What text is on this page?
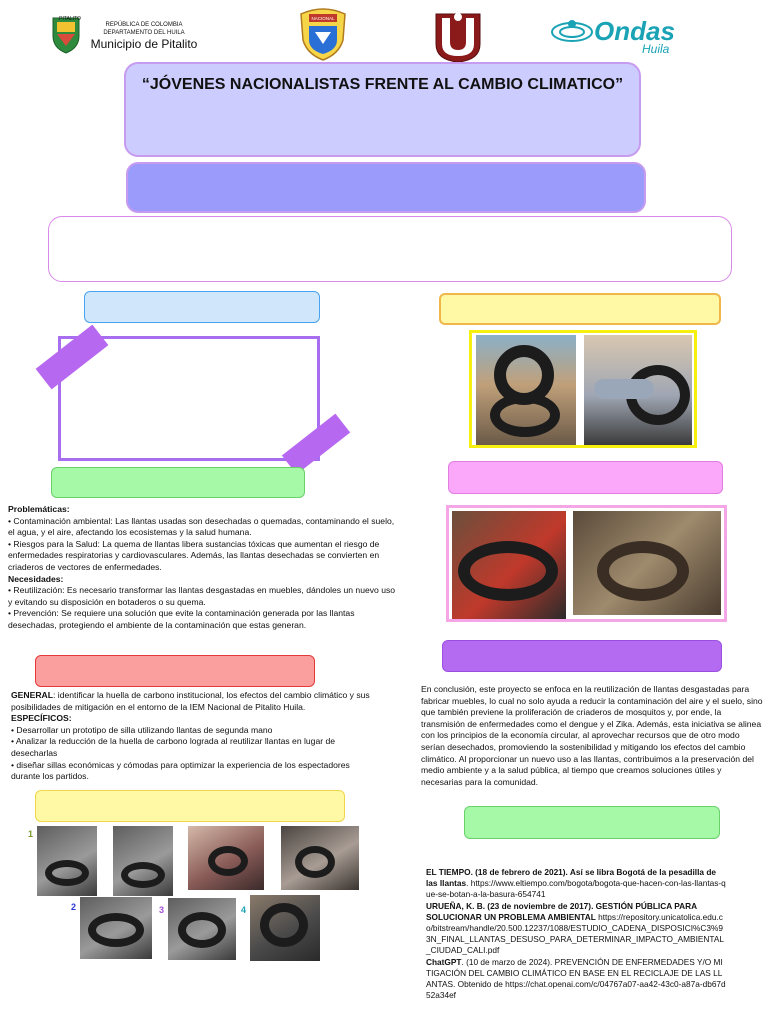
PITALITO
REPÚBLICA DE COLOMBIA
DEPARTAMENTO DEL HUILA
Municipio de Pitalito
NACIONAL	Ondas
Huila
“JÓVENES NACIONALISTAS FRENTE AL CAMBIO CLIMATICO”
Problemáticas:
• Contaminación ambiental: Las llantas usadas son desechadas o quemadas, contaminando el suelo, el agua, y el aire, afectando los ecosistemas y la salud humana.
• Riesgos para la Salud: La quema de llantas libera sustancias tóxicas que aumentan el riesgo de enfermedades respiratorias y cardiovasculares. Además, las llantas desechadas se convierten en criaderos de vectores de enfermedades.
Necesidades:
• Reutilización: Es necesario transformar las llantas desgastadas en muebles, dándoles un nuevo uso y evitando su disposición en botaderos o su quema.
• Prevención: Se requiere una solución que evite la contaminación generada por las llantas desechadas, protegiendo el ambiente de la contaminación que estas generan.
GENERAL: identificar la huella de carbono institucional, los efectos del cambio climático y sus posibilidades de mitigación en el entorno de la IEM Nacional de Pitalito Huila.
ESPECÍFICOS:
• Desarrollar un prototipo de silla utilizando llantas de segunda mano
• Analizar la reducción de la huella de carbono lograda al reutilizar llantas en lugar de desecharlas
• diseñar sillas económicas y cómodas para optimizar la experiencia de los espectadores durante los partidos.
En conclusión, este proyecto se enfoca en la reutilización de llantas desgastadas para fabricar muebles, lo cual no solo ayuda a reducir la contaminación del aire y el suelo, sino que también previene la proliferación de criaderos de mosquitos y, por ende, la transmisión de enfermedades como el dengue y el Zika. Además, esta iniciativa se alinea con los principios de la economía circular, al aprovechar recursos que de otro modo serían desechados, promoviendo la sostenibilidad y mitigando los efectos del cambio climático. Al proporcionar un nuevo uso a las llantas, contribuimos a la preservación del medio ambiente y a la salud pública, al tiempo que creamos soluciones útiles y necesarias para la comunidad.
1
2	3	4
EL TIEMPO. (18 de febrero de 2021). Así se libra Bogotá de la pesadilla de las llantas. https://www.eltiempo.com/bogota/bogota-que-hacen-con-las-llantas-que-se-botan-a-la-basura-654741
URUEÑA, K. B. (23 de noviembre de 2017). GESTIÓN PÚBLICA PARA SOLUCIONAR UN PROBLEMA AMBIENTAL https://repository.unicatolica.edu.co/bitstream/handle/20.500.12237/1088/ESTUDIO_CADENA_DISPOSICI%C3%93N_FINAL_LLANTAS_DESUSO_PARA_DETERMINAR_IMPACTO_AMBIENTAL_CIUDAD_CALI.pdf
ChatGPT. (10 de marzo de 2024). PREVENCIÓN DE ENFERMEDADES Y/O MITIGACIÓN DEL CAMBIO CLIMÁTICO EN BASE EN EL RECICLAJE DE LAS LLANTAS. Obtenido de https://chat.openai.com/c/04767a07-aa42-43c0-a87a-db67d52a34ef
